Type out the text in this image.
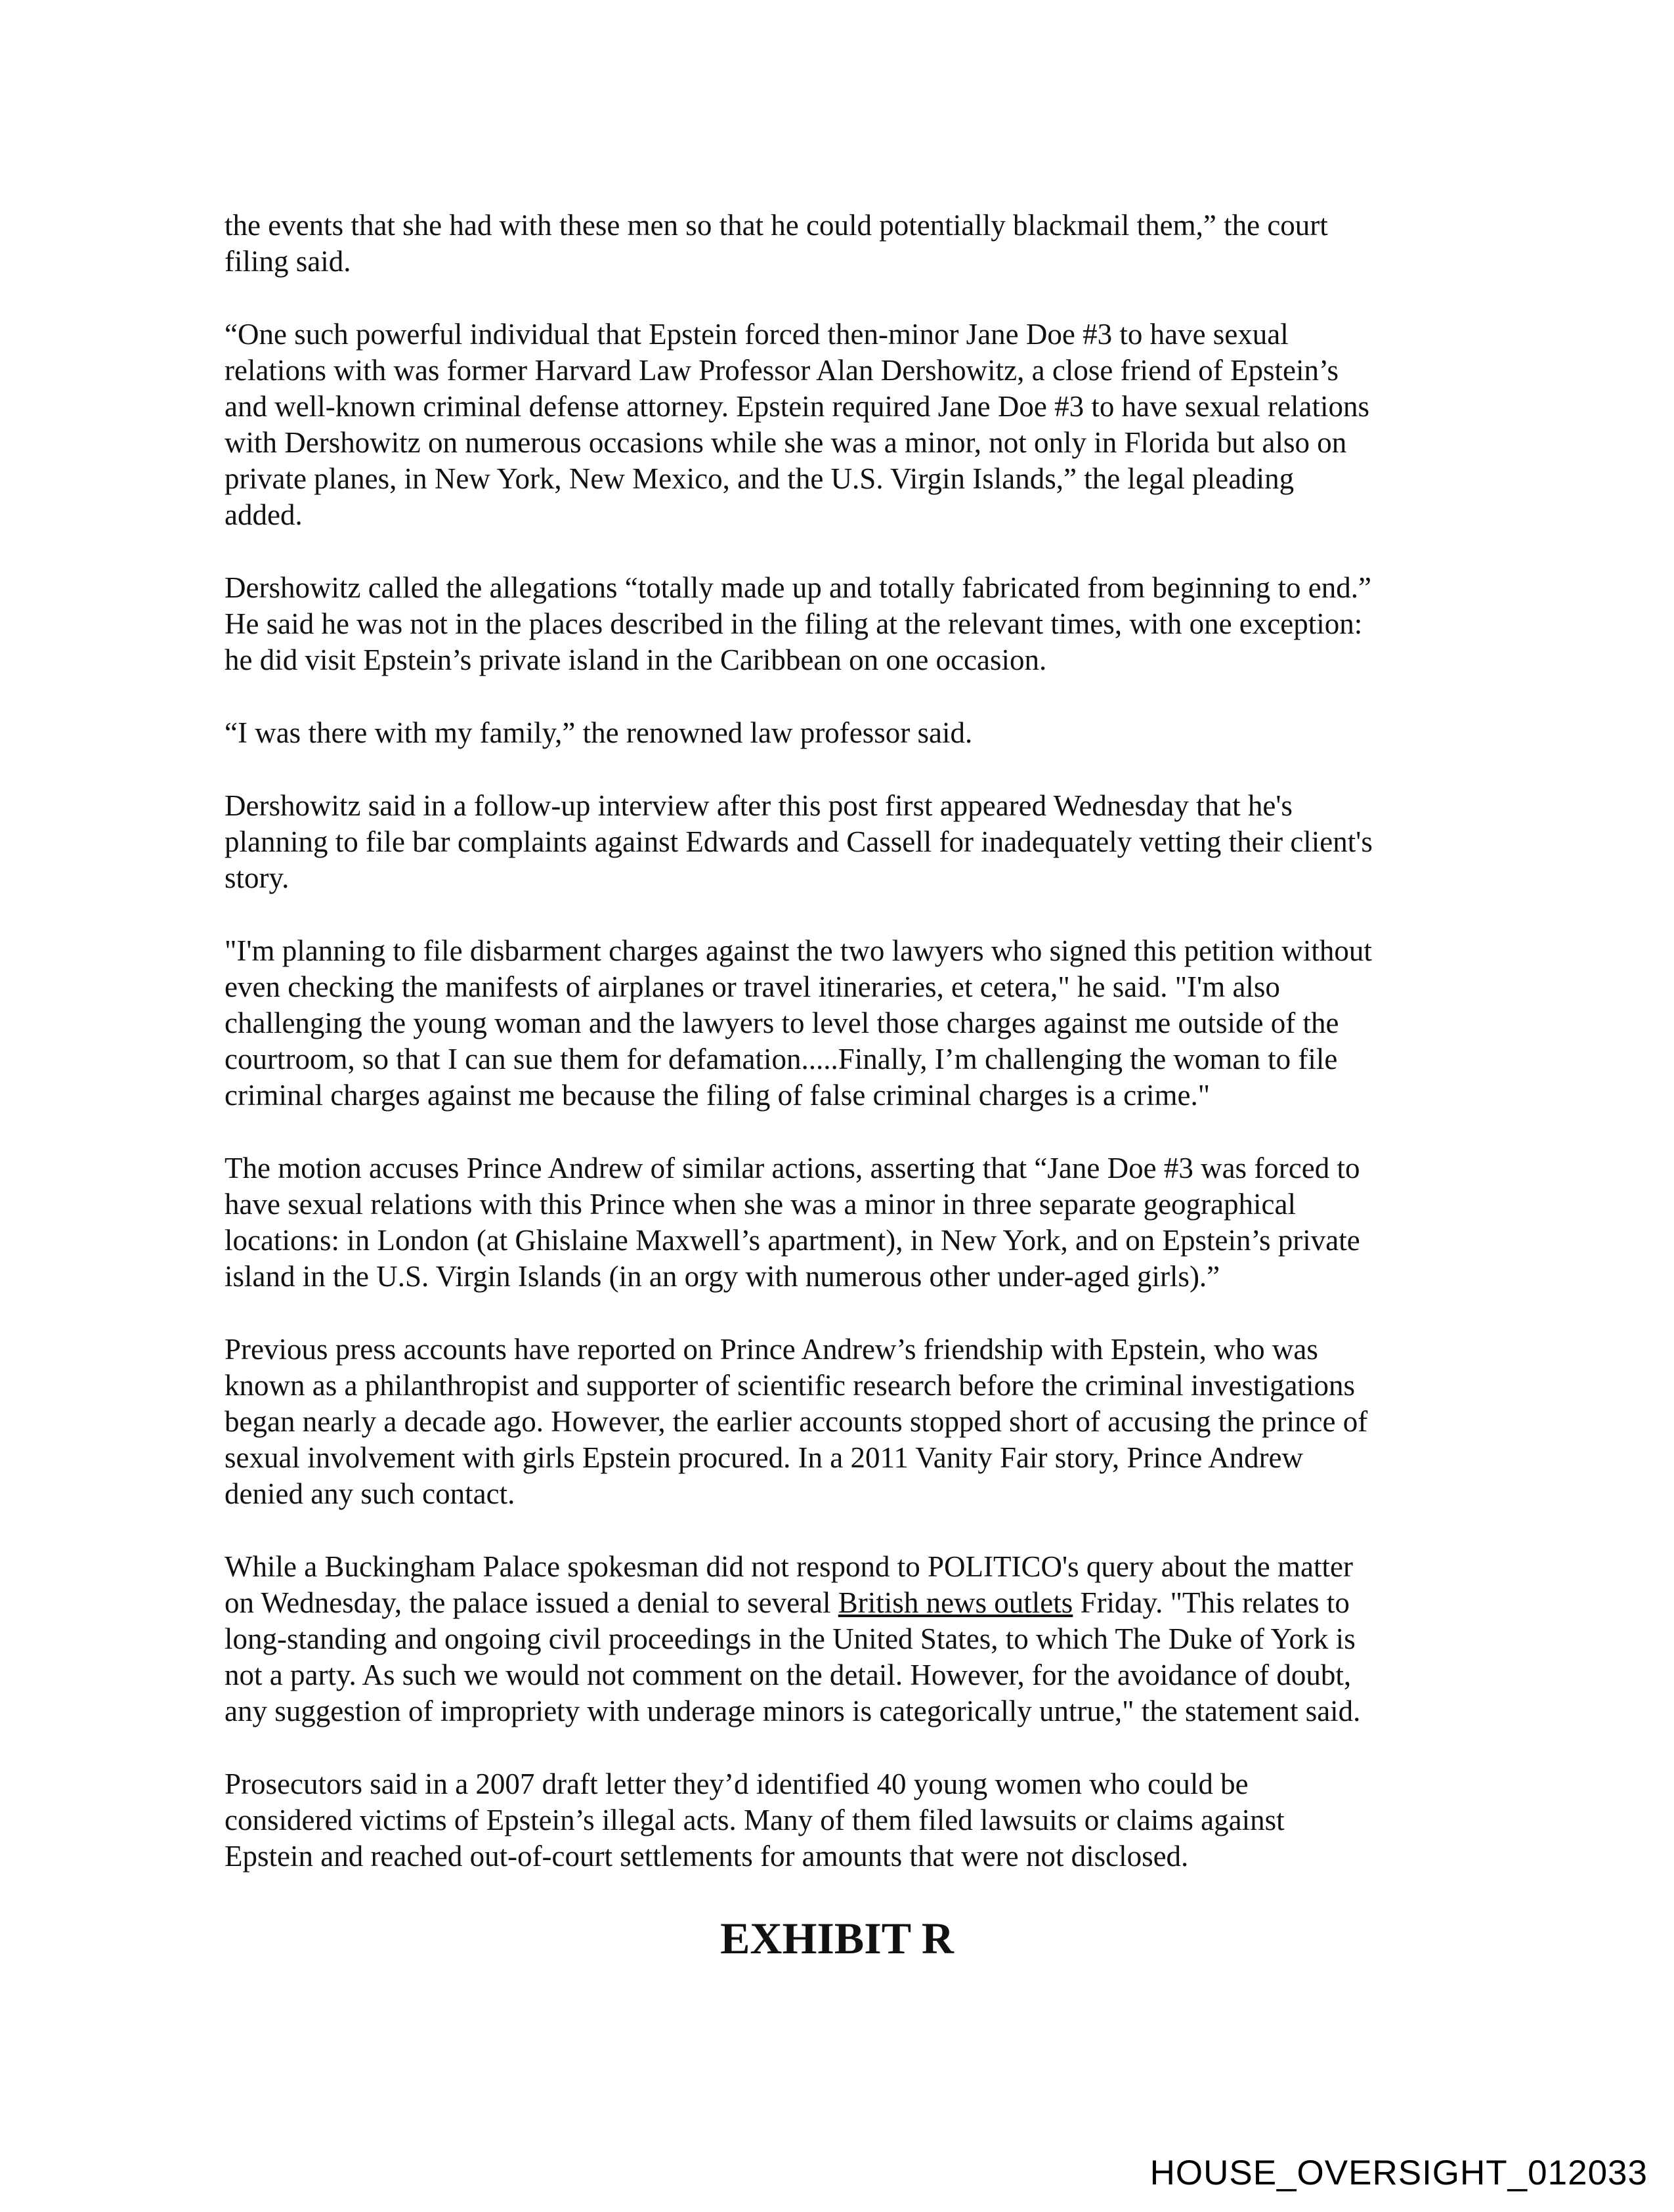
the events that she had with these men so that he could potentially blackmail them,” the court
filing said.

“One such powerful individual that Epstein forced then-minor Jane Doe #3 to have sexual
relations with was former Harvard Law Professor Alan Dershowitz, a close friend of Epstein’s
and well-known criminal defense attorney. Epstein required Jane Doe #3 to have sexual relations
with Dershowitz on numerous occasions while she was a minor, not only in Florida but also on
private planes, in New York, New Mexico, and the U.S. Virgin Islands,” the legal pleading
added.

Dershowitz called the allegations “totally made up and totally fabricated from beginning to end.”
He said he was not in the places described in the filing at the relevant times, with one exception:
he did visit Epstein’s private island in the Caribbean on one occasion.

“I was there with my family,” the renowned law professor said.

Dershowitz said in a follow-up interview after this post first appeared Wednesday that he's
planning to file bar complaints against Edwards and Cassell for inadequately vetting their client's
story.

"I'm planning to file disbarment charges against the two lawyers who signed this petition without
even checking the manifests of airplanes or travel itineraries, et cetera," he said. "I'm also
challenging the young woman and the lawyers to level those charges against me outside of the
courtroom, so that I can sue them for defamation.....Finally, I’m challenging the woman to file
criminal charges against me because the filing of false criminal charges is a crime."

The motion accuses Prince Andrew of similar actions, asserting that “Jane Doe #3 was forced to
have sexual relations with this Prince when she was a minor in three separate geographical
locations: in London (at Ghislaine Maxwell’s apartment), in New York, and on Epstein’s private
island in the U.S. Virgin Islands (in an orgy with numerous other under-aged girls).”

Previous press accounts have reported on Prince Andrew’s friendship with Epstein, who was
known as a philanthropist and supporter of scientific research before the criminal investigations
began nearly a decade ago. However, the earlier accounts stopped short of accusing the prince of
sexual involvement with girls Epstein procured. In a 2011 Vanity Fair story, Prince Andrew
denied any such contact.

While a Buckingham Palace spokesman did not respond to POLITICO's query about the matter
on Wednesday, the palace issued a denial to several British news outlets Friday. "This relates to
long-standing and ongoing civil proceedings in the United States, to which The Duke of York is
not a party. As such we would not comment on the detail. However, for the avoidance of doubt,
any suggestion of impropriety with underage minors is categorically untrue," the statement said.

Prosecutors said in a 2007 draft letter they’d identified 40 young women who could be
considered victims of Epstein’s illegal acts. Many of them filed lawsuits or claims against
Epstein and reached out-of-court settlements for amounts that were not disclosed.

EXHIBIT R
HOUSE_OVERSIGHT_012033
